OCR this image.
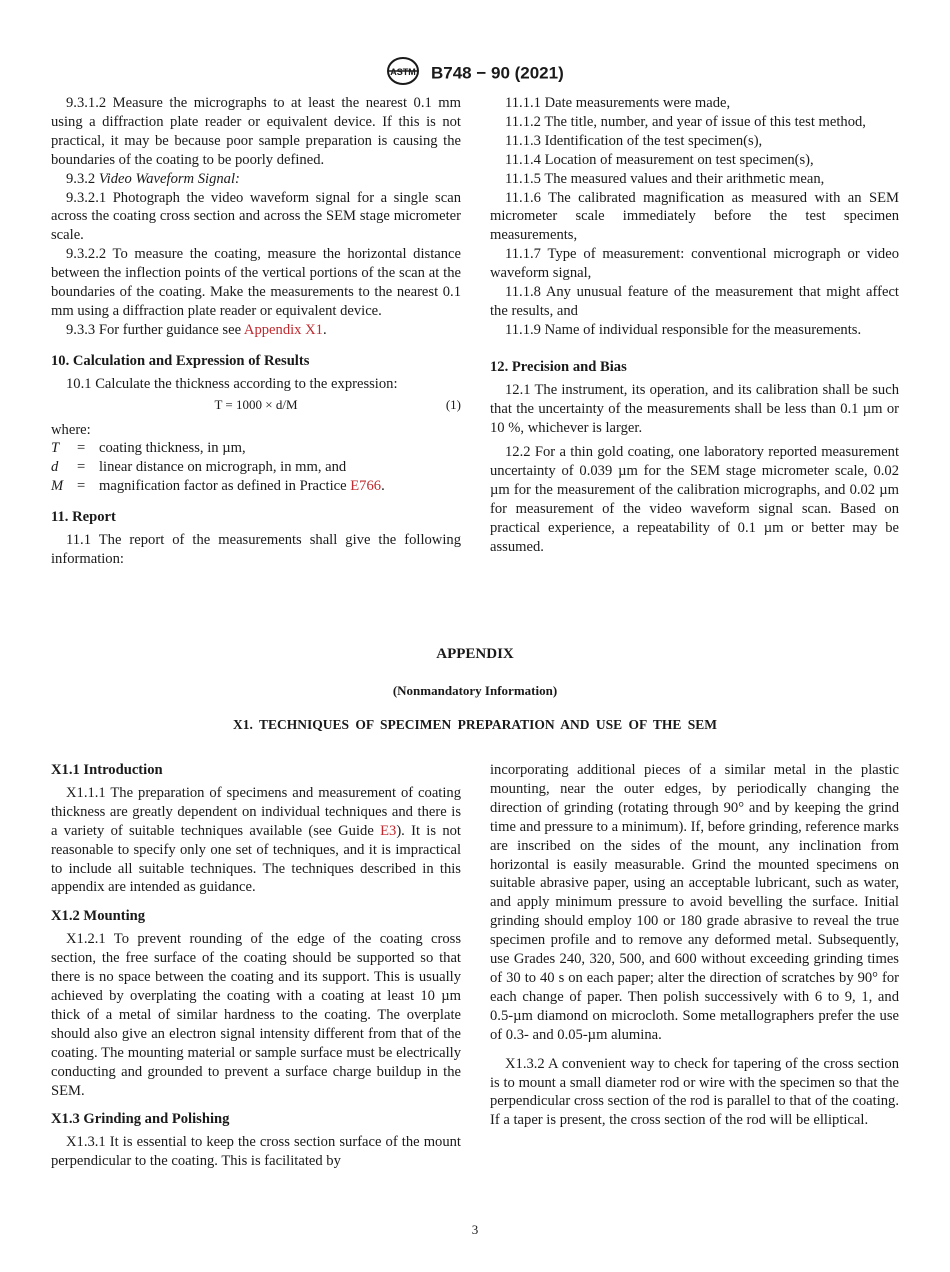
ASTM B748 − 90 (2021)

9.3.1.2 Measure the micrographs to at least the nearest 0.1 mm using a diffraction plate reader or equivalent device. If this is not practical, it may be because poor sample preparation is causing the boundaries of the coating to be poorly defined.

9.3.2 Video Waveform Signal:

9.3.2.1 Photograph the video waveform signal for a single scan across the coating cross section and across the SEM stage micrometer scale.

9.3.2.2 To measure the coating, measure the horizontal distance between the inflection points of the vertical portions of the scan at the boundaries of the coating. Make the measurements to the nearest 0.1 mm using a diffraction plate reader or equivalent device.

9.3.3 For further guidance see Appendix X1.

10. Calculation and Expression of Results

10.1 Calculate the thickness according to the expression:

T = 1000 × d/M	(1)

where:

T	= coating thickness, in µm,
d	= linear distance on micrograph, in mm, and
M = magnification factor as defined in Practice E766.

11. Report

11.1 The report of the measurements shall give the following information:

11.1.1 Date measurements were made,

11.1.2 The title, number, and year of issue of this test method,

11.1.3 Identification of the test specimen(s),

11.1.4 Location of measurement on test specimen(s),

11.1.5 The measured values and their arithmetic mean,

11.1.6 The calibrated magnification as measured with an SEM micrometer scale immediately before the test specimen measurements,

11.1.7 Type of measurement: conventional micrograph or video waveform signal,

11.1.8 Any unusual feature of the measurement that might affect the results, and

11.1.9 Name of individual responsible for the measurements.

12. Precision and Bias

12.1 The instrument, its operation, and its calibration shall be such that the uncertainty of the measurements shall be less than 0.1 µm or 10 %, whichever is larger.

12.2 For a thin gold coating, one laboratory reported measurement uncertainty of 0.039 µm for the SEM stage micrometer scale, 0.02 µm for the measurement of the calibration micrographs, and 0.02 µm for measurement of the video waveform signal scan. Based on practical experience, a repeatability of 0.1 µm or better may be assumed.

APPENDIX
(Nonmandatory Information)
X1. TECHNIQUES OF SPECIMEN PREPARATION AND USE OF THE SEM

X1.1 Introduction

X1.1.1 The preparation of specimens and measurement of coating thickness are greatly dependent on individual techniques and there is a variety of suitable techniques available (see Guide E3). It is not reasonable to specify only one set of techniques, and it is impractical to include all suitable techniques. The techniques described in this appendix are intended as guidance.

X1.2 Mounting

X1.2.1 To prevent rounding of the edge of the coating cross section, the free surface of the coating should be supported so that there is no space between the coating and its support. This is usually achieved by overplating the coating with a coating at least 10 µm thick of a metal of similar hardness to the coating. The overplate should also give an electron signal intensity different from that of the coating. The mounting material or sample surface must be electrically conducting and grounded to prevent a surface charge buildup in the SEM.

X1.3 Grinding and Polishing

X1.3.1 It is essential to keep the cross section surface of the mount perpendicular to the coating. This is facilitated by

incorporating additional pieces of a similar metal in the plastic mounting, near the outer edges, by periodically changing the direction of grinding (rotating through 90° and by keeping the grind time and pressure to a minimum). If, before grinding, reference marks are inscribed on the sides of the mount, any inclination from horizontal is easily measurable. Grind the mounted specimens on suitable abrasive paper, using an acceptable lubricant, such as water, and apply minimum pressure to avoid bevelling the surface. Initial grinding should employ 100 or 180 grade abrasive to reveal the true specimen profile and to remove any deformed metal. Subsequently, use Grades 240, 320, 500, and 600 without exceeding grinding times of 30 to 40 s on each paper; alter the direction of scratches by 90° for each change of paper. Then polish successively with 6 to 9, 1, and 0.5-µm diamond on microcloth. Some metallographers prefer the use of 0.3- and 0.05-µm alumina.

X1.3.2 A convenient way to check for tapering of the cross section is to mount a small diameter rod or wire with the specimen so that the perpendicular cross section of the rod is parallel to that of the coating. If a taper is present, the cross section of the rod will be elliptical.

3
